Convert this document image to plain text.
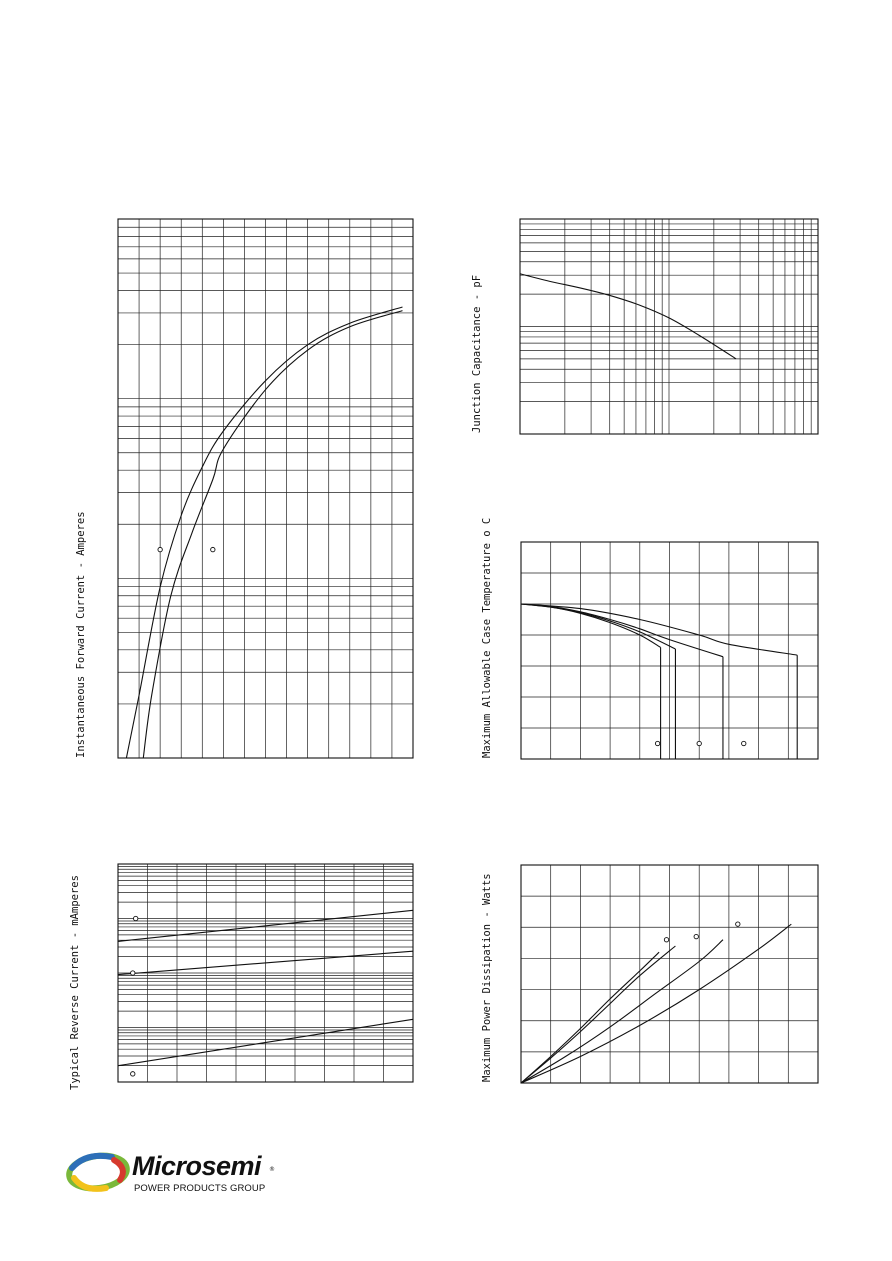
Instantaneous Forward Current - Amperes
Junction Capacitance - pF
Maximum Allowable Case Temperature o C
Typical Reverse Current - mAmperes	Maximum Power Dissipation - Watts
Microsemi ®
POWER PRODUCTS GROUP
